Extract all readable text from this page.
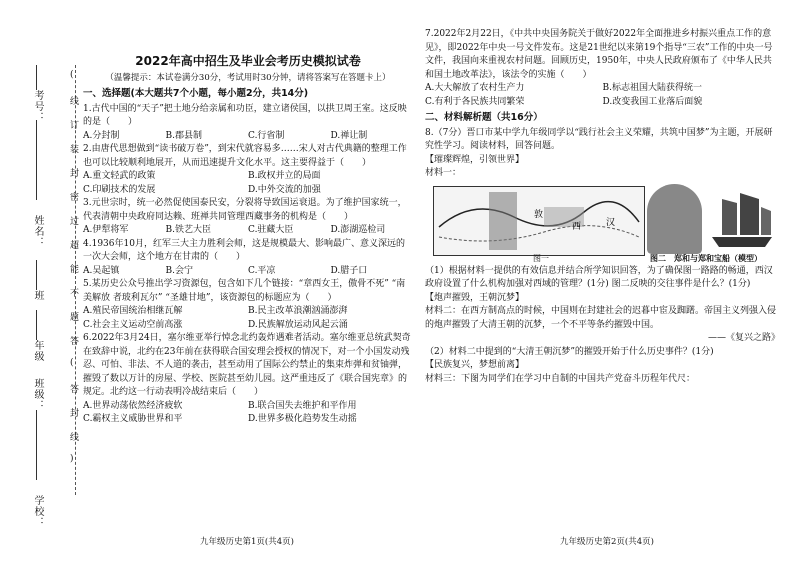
考号：
姓名：
班
年级
班级：
学校：
(
线
订
装
封
密
过
超
能
不
题
答
(
答
封
线
)
2022年高中招生及毕业会考历史模拟试卷
（温馨提示：本试卷满分30分，考试用时30分钟，请将答案写在答题卡上）
一、选择题(本大题共7个小题，每小题2分，共14分)

1.古代中国的“天子”把土地分给亲属和功臣，建立诸侯国，以拱卫周王室。这反映的是（　　）

A.分封制	B.郡县制	C.行省制	D.禅让制

2.由唐代思想做到“读书破万卷”，到宋代就容易多……宋人对古代典籍的整理工作也可以比较顺利地展开，从而迅速提升文化水平。这主要得益于（　　）

A.重文轻武的政策	B.政权并立的局面
C.印刷技术的发展	D.中外交流的加强

3.元世宗时，统一必然促使国泰民安，分裂将导致国运衰退。为了维护国家统一，代表清朝中央政府同达赖、班禅共同管理西藏事务的机构是（　　）

A.伊犁将军	B.铁艺大臣	C.驻藏大臣	D.澎湖巡检司

4.1936年10月，红军三大主力胜利会师，这是规模最大、影响最广、意义深远的一次大会师，这个地方在甘肃的（　　）

A.吴起镇	B.会宁	C.平凉	D.腊子口

5.某历史公众号推出学习资源包，包含如下几个链接：“章西女王，傲骨不死” “南美解放 者玻利瓦尔” “圣雄甘地”，该资源包的标题应为（　　）

A.殖民帝国统治相继瓦解	B.民主改革浪潮汹涌澎湃
C.社会主义运动空前高涨	D.民族解放运动风起云涌

6.2022年3月24日，塞尔维亚举行悼念北约轰炸遇难者活动。塞尔维亚总统武契奇在致辞中说，北约在23年前在获得联合国安理会授权的情况下，对一个小国发动残忍、可怕、非法、不人道的袭击，甚至动用了国际公约禁止的集束炸弹和贫铀弹，摧毁了数以万计的房屋、学校、医院甚至幼儿园。这严重违反了《联合国宪章》的规定。北约这一行动表明冷战结束后（　　）

A.世界动荡依然经济疲软	B.联合国失去维护和平作用
C.霸权主义威胁世界和平	D.世界多极化趋势发生动摇
九年级历史第1页(共4页)

7.2022年2月22日，《中共中央国务院关于做好2022年全面推进乡村振兴重点工作的意见》，即2022年中央一号文件发布。这是21世纪以来第19个指导“三农”工作的中央一号文件，我国向来重视农村问题。回顾历史，1950年，中央人民政府颁布了《中华人民共和国土地改革法》，该法令的实施（　　）

A.大大解放了农村生产力	B.标志祖国大陆获得统一
C.有利于各民族共同繁荣	D.改变我国工业落后面貌
二、材料解析题（共16分）

8.（7分）晋口市某中学九年级同学以“践行社会主义荣耀，共筑中国梦”为主题，开展研究性学习。阅读材料，回答问题。

【璀璨辉煌，引领世界】

材料一：

西	汉
敦
图一	图二　郑和与郑和宝船（模型）

（1）根据材料一提供的有效信息并结合所学知识回答，为了确保图一路路的畅通，西汉政府设置了什么机构加强对西域的管理？(1分) 图二反映的交往事件是什么？(1分)

【炮声摧毁，王朝沉梦】

材料二：在西方制高点的时候，中国则在封建社会的迟暮中宦及踟躇。帝国主义列强入侵的炮声摧毁了大清王朝的沉梦，一个不平等条约摧毁中国。

——《复兴之路》

（2）材料二中提到的“大清王朝沉梦”的摧毁开始于什么历史事件？(1分)

【民族复兴，梦想前离】

材料三：下图为同学们在学习中自制的中国共产党奋斗历程年代尺：

九年级历史第2页(共4页)
